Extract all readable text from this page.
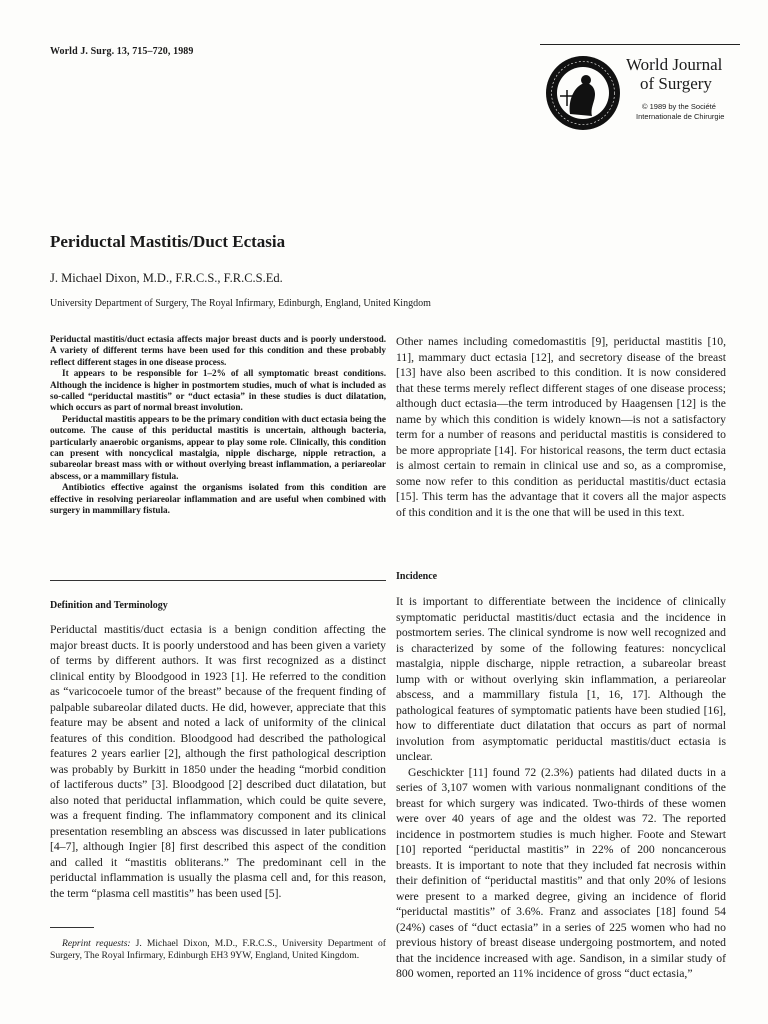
World J. Surg. 13, 715–720, 1989
World Journal
of Surgery
© 1989 by the Société
Internationale de Chirurgie
Periductal Mastitis/Duct Ectasia
J. Michael Dixon, M.D., F.R.C.S., F.R.C.S.Ed.
University Department of Surgery, The Royal Infirmary, Edinburgh, England, United Kingdom

Periductal mastitis/duct ectasia affects major breast ducts and is poorly understood. A variety of different terms have been used for this condition and these probably reflect different stages in one disease process.

It appears to be responsible for 1–2% of all symptomatic breast conditions. Although the incidence is higher in postmortem studies, much of what is included as so-called “periductal mastitis” or “duct ectasia” in these studies is duct dilatation, which occurs as part of normal breast involution.

Periductal mastitis appears to be the primary condition with duct ectasia being the outcome. The cause of this periductal mastitis is uncertain, although bacteria, particularly anaerobic organisms, appear to play some role. Clinically, this condition can present with noncyclical mastalgia, nipple discharge, nipple retraction, a subareolar breast mass with or without overlying breast inflammation, a periareolar abscess, or a mammillary fistula.

Antibiotics effective against the organisms isolated from this condition are effective in resolving periareolar inflammation and are useful when combined with surgery in mammillary fistula.

Definition and Terminology

Periductal mastitis/duct ectasia is a benign condition affecting the major breast ducts. It is poorly understood and has been given a variety of terms by different authors. It was first recognized as a distinct clinical entity by Bloodgood in 1923 [1]. He referred to the condition as “varicocoele tumor of the breast” because of the frequent finding of palpable subareolar dilated ducts. He did, however, appreciate that this feature may be absent and noted a lack of uniformity of the clinical features of this condition. Bloodgood had described the pathological features 2 years earlier [2], although the first pathological description was probably by Burkitt in 1850 under the heading “morbid condition of lactiferous ducts” [3]. Bloodgood [2] described duct dilatation, but also noted that periductal inflammation, which could be quite severe, was a frequent finding. The inflammatory component and its clinical presentation resembling an abscess was discussed in later publications [4–7], although Ingier [8] first described this aspect of the condition and called it “mastitis obliterans.” The predominant cell in the periductal inflammation is usually the plasma cell and, for this reason, the term “plasma cell mastitis” has been used [5].

Reprint requests: J. Michael Dixon, M.D., F.R.C.S., University Department of Surgery, The Royal Infirmary, Edinburgh EH3 9YW, England, United Kingdom.

Other names including comedomastitis [9], periductal mastitis [10, 11], mammary duct ectasia [12], and secretory disease of the breast [13] have also been ascribed to this condition. It is now considered that these terms merely reflect different stages of one disease process; although duct ectasia—the term introduced by Haagensen [12] is the name by which this condition is widely known—is not a satisfactory term for a number of reasons and periductal mastitis is considered to be more appropriate [14]. For historical reasons, the term duct ectasia is almost certain to remain in clinical use and so, as a compromise, some now refer to this condition as periductal mastitis/duct ectasia [15]. This term has the advantage that it covers all the major aspects of this condition and it is the one that will be used in this text.

Incidence

It is important to differentiate between the incidence of clinically symptomatic periductal mastitis/duct ectasia and the incidence in postmortem series. The clinical syndrome is now well recognized and is characterized by some of the following features: noncyclical mastalgia, nipple discharge, nipple retraction, a subareolar breast lump with or without overlying skin inflammation, a periareolar abscess, and a mammillary fistula [1, 16, 17]. Although the pathological features of symptomatic patients have been studied [16], how to differentiate duct dilatation that occurs as part of normal involution from asymptomatic periductal mastitis/duct ectasia is unclear.

Geschickter [11] found 72 (2.3%) patients had dilated ducts in a series of 3,107 women with various nonmalignant conditions of the breast for which surgery was indicated. Two-thirds of these women were over 40 years of age and the oldest was 72. The reported incidence in postmortem studies is much higher. Foote and Stewart [10] reported “periductal mastitis” in 22% of 200 noncancerous breasts. It is important to note that they included fat necrosis within their definition of “periductal mastitis” and that only 20% of lesions were present to a marked degree, giving an incidence of florid “periductal mastitis” of 3.6%. Franz and associates [18] found 54 (24%) cases of “duct ectasia” in a series of 225 women who had no previous history of breast disease undergoing postmortem, and noted that the incidence increased with age. Sandison, in a similar study of 800 women, reported an 11% incidence of gross “duct ectasia,”
